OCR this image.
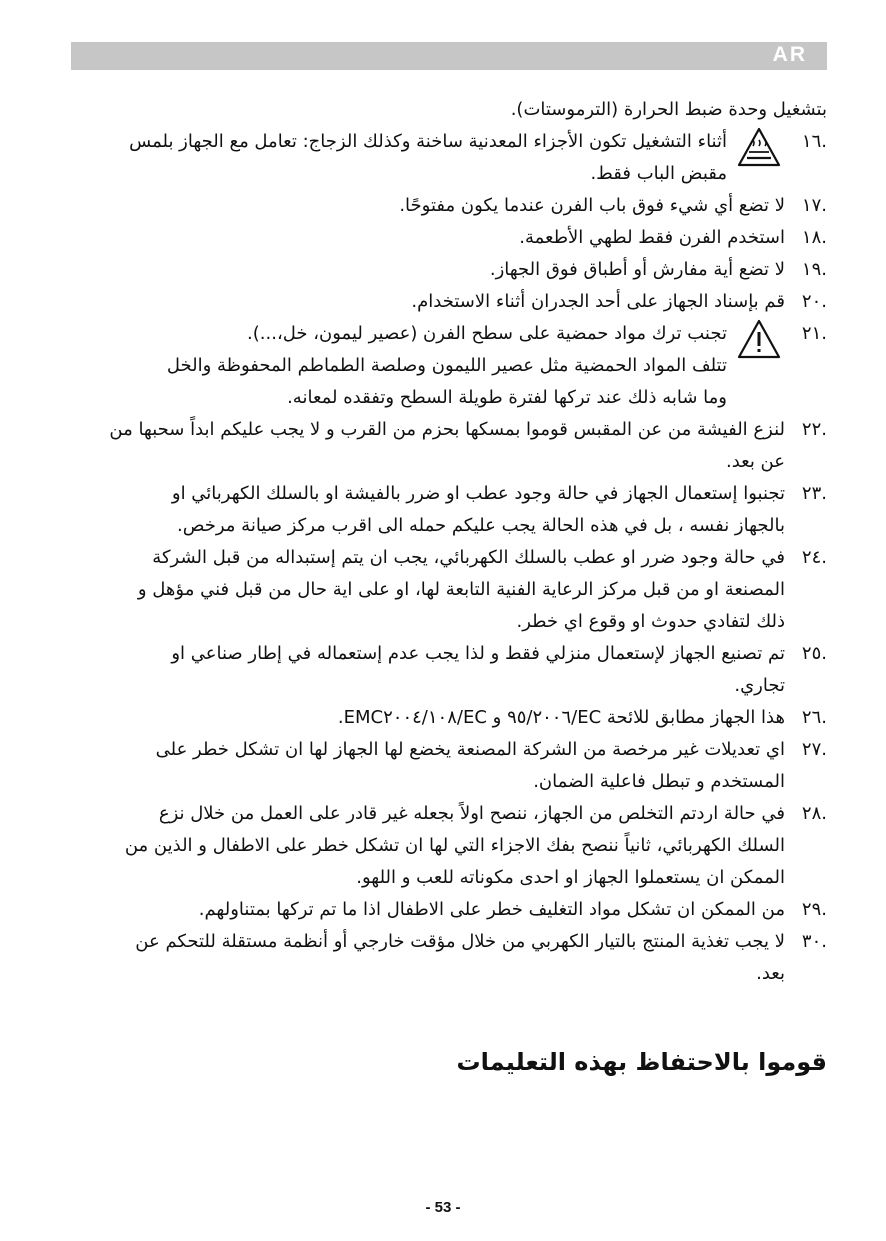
AR
بتشغيل وحدة ضبط الحرارة (الترموستات).
.١٦
أثناء التشغيل تكون الأجزاء المعدنية ساخنة وكذلك الزجاج: تعامل مع الجهاز بلمس
مقبض الباب فقط.
.١٧
لا تضع أي شيء فوق باب الفرن عندما يكون مفتوحًا.
.١٨
استخدم الفرن فقط لطهي الأطعمة.
.١٩
لا تضع أية مفارش أو أطباق فوق الجهاز.
.٢٠
قم بإسناد الجهاز على أحد الجدران أثناء الاستخدام.
.٢١
تجنب ترك مواد حمضية على سطح الفرن (عصير ليمون، خل،...).
تتلف المواد الحمضية مثل عصير الليمون وصلصة الطماطم المحفوظة والخل
وما شابه ذلك عند تركها لفترة طويلة السطح وتفقده لمعانه.
.٢٢
لنزع الفيشة من عن المقبس قوموا بمسكها بحزم من القرب و لا يجب عليكم ابداً سحبها من
عن بعد.
.٢٣
تجنبوا إستعمال الجهاز في حالة وجود عطب او ضرر بالفيشة او بالسلك الكهربائي او
بالجهاز نفسه ، بل في هذه الحالة يجب عليكم حمله الى اقرب مركز صيانة مرخص.
.٢٤
في حالة وجود ضرر او عطب بالسلك الكهربائي، يجب ان يتم إستبداله من قبل الشركة
المصنعة او من قبل مركز الرعاية الفنية التابعة لها، او على اية حال من قبل فني مؤهل و
ذلك لتفادي حدوث او وقوع اي خطر.
.٢٥
تم تصنيع الجهاز لإستعمال منزلي فقط و لذا يجب عدم إستعماله في إطار صناعي او
تجاري.
.٢٦
هذا الجهاز مطابق للائحة EC/٩٥/٢٠٠٦ و EC/١٠٨/EMC٢٠٠٤.
.٢٧
اي تعديلات غير مرخصة من الشركة المصنعة يخضع لها الجهاز لها ان تشكل خطر على
المستخدم و تبطل فاعلية الضمان.
.٢٨
في حالة اردتم التخلص من الجهاز، ننصح اولاً بجعله غير قادر على العمل من خلال نزع
السلك الكهربائي، ثانياً ننصح بفك الاجزاء التي لها ان تشكل خطر على الاطفال و الذين من
الممكن ان يستعملوا الجهاز او احدى مكوناته للعب و اللهو.
.٢٩
من الممكن ان تشكل مواد التغليف خطر على الاطفال اذا ما تم تركها بمتناولهم.
.٣٠
لا يجب تغذية المنتج بالتيار الكهربي من خلال مؤقت خارجي أو أنظمة مستقلة للتحكم عن
بعد.
قوموا بالاحتفاظ بهذه التعليمات
- 53 -
